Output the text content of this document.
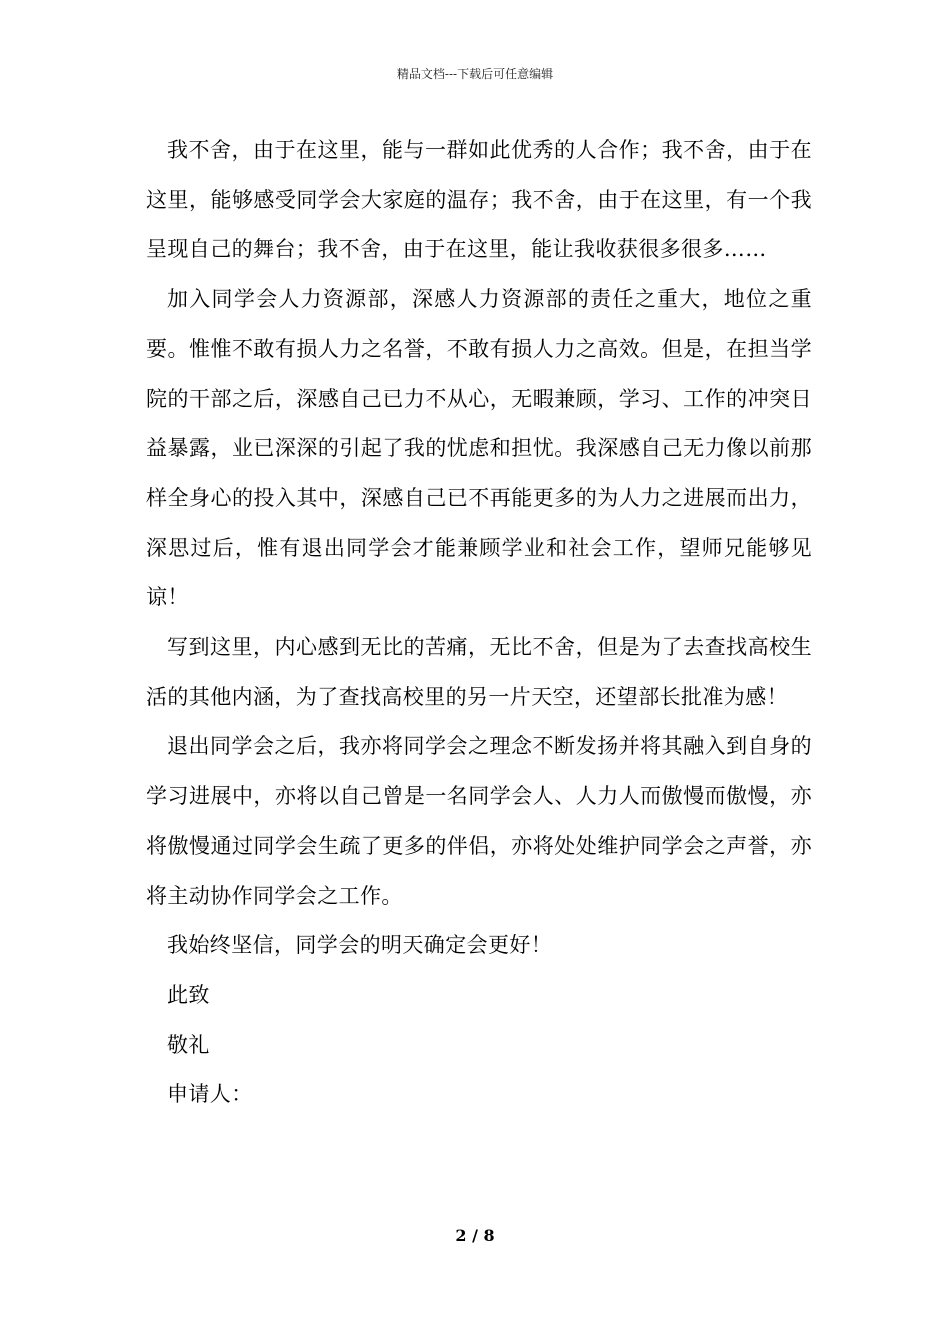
精品文档---下载后可任意编辑

我不舍，由于在这里，能与一群如此优秀的人合作；我不舍，由于在这里，能够感受同学会大家庭的温存；我不舍，由于在这里，有一个我呈现自己的舞台；我不舍，由于在这里，能让我收获很多很多……

加入同学会人力资源部，深感人力资源部的责任之重大，地位之重要。惟惟不敢有损人力之名誉，不敢有损人力之高效。但是，在担当学院的干部之后，深感自己已力不从心，无暇兼顾，学习、工作的冲突日益暴露，业已深深的引起了我的忧虑和担忧。我深感自己无力像以前那样全身心的投入其中，深感自己已不再能更多的为人力之进展而出力，深思过后，惟有退出同学会才能兼顾学业和社会工作，望师兄能够见谅！

写到这里，内心感到无比的苦痛，无比不舍，但是为了去查找高校生活的其他内涵，为了查找高校里的另一片天空，还望部长批准为感！

退出同学会之后，我亦将同学会之理念不断发扬并将其融入到自身的学习进展中，亦将以自己曾是一名同学会人、人力人而傲慢而傲慢，亦将傲慢通过同学会生疏了更多的伴侣，亦将处处维护同学会之声誉，亦将主动协作同学会之工作。

我始终坚信，同学会的明天确定会更好！

此致

敬礼

申请人：

2 / 8
